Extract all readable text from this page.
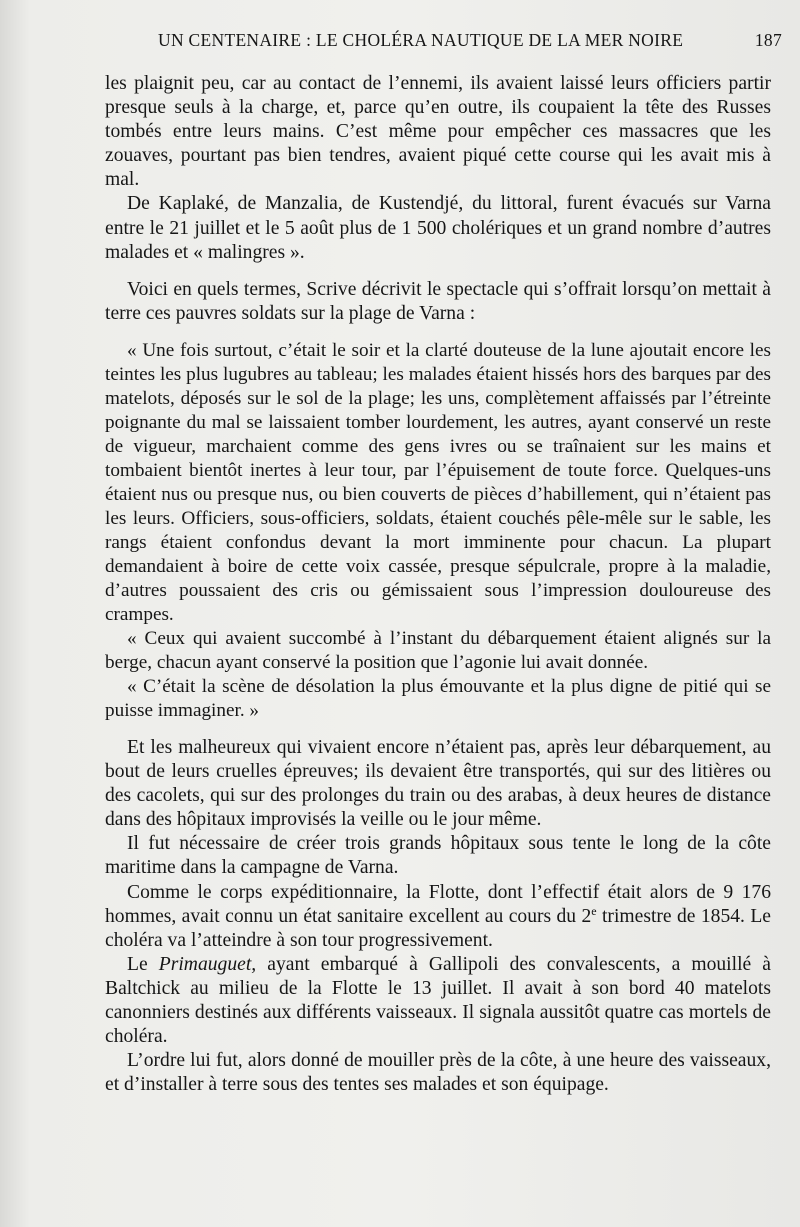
UN CENTENAIRE : LE CHOLÉRA NAUTIQUE DE LA MER NOIRE	187

les plaignit peu, car au contact de l’ennemi, ils avaient laissé leurs officiers partir presque seuls à la charge, et, parce qu’en outre, ils coupaient la tête des Russes tombés entre leurs mains. C’est même pour empêcher ces massacres que les zouaves, pourtant pas bien tendres, avaient piqué cette course qui les avait mis à mal.

De Kaplaké, de Manzalia, de Kustendjé, du littoral, furent évacués sur Varna entre le 21 juillet et le 5 août plus de 1 500 cholériques et un grand nombre d’autres malades et « malingres ».

Voici en quels termes, Scrive décrivit le spectacle qui s’offrait lorsqu’on mettait à terre ces pauvres soldats sur la plage de Varna :

« Une fois surtout, c’était le soir et la clarté douteuse de la lune ajoutait encore les teintes les plus lugubres au tableau; les malades étaient hissés hors des barques par des matelots, déposés sur le sol de la plage; les uns, complètement affaissés par l’étreinte poignante du mal se laissaient tomber lourdement, les autres, ayant conservé un reste de vigueur, marchaient comme des gens ivres ou se traînaient sur les mains et tombaient bientôt inertes à leur tour, par l’épuisement de toute force. Quelques-uns étaient nus ou presque nus, ou bien couverts de pièces d’habillement, qui n’étaient pas les leurs. Officiers, sous-officiers, soldats, étaient couchés pêle-mêle sur le sable, les rangs étaient confondus devant la mort imminente pour chacun. La plupart demandaient à boire de cette voix cassée, presque sépulcrale, propre à la maladie, d’autres poussaient des cris ou gémissaient sous l’impression douloureuse des crampes.

« Ceux qui avaient succombé à l’instant du débarquement étaient alignés sur la berge, chacun ayant conservé la position que l’agonie lui avait donnée.

« C’était la scène de désolation la plus émouvante et la plus digne de pitié qui se puisse immaginer. »

Et les malheureux qui vivaient encore n’étaient pas, après leur débarquement, au bout de leurs cruelles épreuves; ils devaient être transportés, qui sur des litières ou des cacolets, qui sur des prolonges du train ou des arabas, à deux heures de distance dans des hôpitaux improvisés la veille ou le jour même.

Il fut nécessaire de créer trois grands hôpitaux sous tente le long de la côte maritime dans la campagne de Varna.

Comme le corps expéditionnaire, la Flotte, dont l’effectif était alors de 9 176 hommes, avait connu un état sanitaire excellent au cours du 2e trimestre de 1854. Le choléra va l’atteindre à son tour progressivement.

Le Primauguet, ayant embarqué à Gallipoli des convalescents, a mouillé à Baltchick au milieu de la Flotte le 13 juillet. Il avait à son bord 40 matelots canonniers destinés aux différents vaisseaux. Il signala aussitôt quatre cas mortels de choléra.

L’ordre lui fut, alors donné de mouiller près de la côte, à une heure des vaisseaux, et d’installer à terre sous des tentes ses malades et son équipage.
